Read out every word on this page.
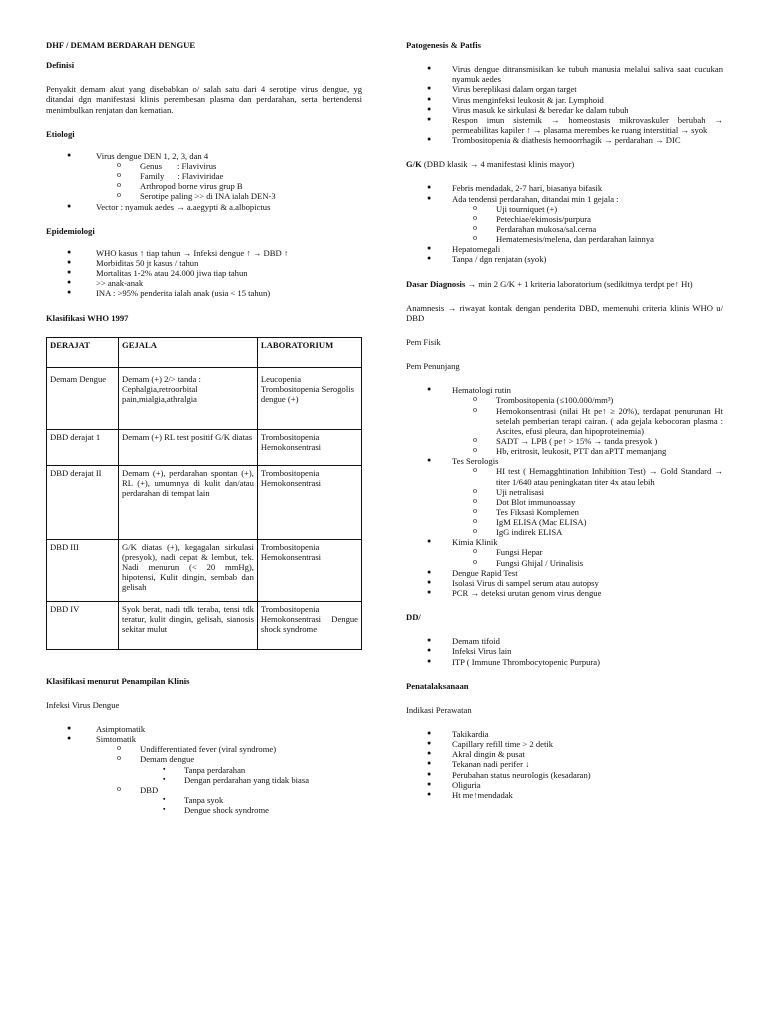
DHF / DEMAM BERDARAH DENGUE

Definisi

Penyakit demam akut yang disebabkan o/ salah satu dari 4 serotipe virus dengue, yg ditandai dgn manifestasi klinis perembesan plasma dan perdarahan, serta bertendensi menimbulkan renjatan dan kematian.

Etiologi

● Virus dengue DEN 1, 2, 3, dan 4
o Genus       : Flavivirus
o Family      : Flaviviridae
o Arthropod borne virus grup B
o Serotipe paling >> di INA ialah DEN-3
● Vector : nyamuk aedes → a.aegypti & a.albopictus

Epidemiologi

● WHO kasus ↑ tiap tahun → Infeksi dengue ↑ → DBD ↑
● Morbiditas 50 jt kasus / tahun
● Mortalitas 1-2% atau 24.000 jiwa tiap tahun
● >> anak-anak
● INA : >95% penderita ialah anak (usia < 15 tahun)

Klasifikasi WHO 1997

DERAJAT	GEJALA	LABORATORIUM
Demam Dengue	Demam (+) 2/> tanda : Cephalgia,retroorbital pain,mialgia,athralgia	Leucopenia Trombositopenia Serogolis dengue (+)
DBD derajat 1	Demam (+) RL test positif G/K diatas	Trombositopenia Hemokonsentrasi
DBD derajat II	Demam (+), perdarahan spontan (+), RL (+), umumnya di kulit dan/atau perdarahan di tempat lain	Trombositopenia Hemokonsentrasi
DBD III	G/K diatas (+), kegagalan sirkulasi (presyok), nadi cepat & lembut, tek. Nadi menurun (< 20 mmHg), hipotensi, Kulit dingin, sembab dan gelisah	Trombositopenia Hemokonsentrasi
DBD IV	Syok berat, nadi tdk teraba, tensi tdk teratur, kulit dingin, gelisah, sianosis sekitar mulut	Trombositopenia Hemokonsentrasi Dengue shock syndrome

Klasifikasi menurut Penampilan Klinis

Infeksi Virus Dengue

● Asimptomatik
● Simtomatik
o Undifferentiated fever (viral syndrome)
o Demam dengue
▪ Tanpa perdarahan
▪ Dengan perdarahan yang tidak biasa
o DBD
▪ Tanpa syok
▪ Dengue shock syndrome

Patogenesis & Patfis

● Virus dengue ditransmisikan ke tubuh manusia melalui saliva saat cucukan nyamuk aedes
● Virus bereplikasi dalam organ target
● Virus menginfeksi leukosit & jar. Lymphoid
● Virus masuk ke sirkulasi & beredar ke dalam tubuh
● Respon imun sistemik → homeostasis mikrovaskuler berubah → permeabilitas kapiler ↑ → plasama merembes ke ruang interstitial → syok
● Trombositopenia & diathesis hemoorrhagik → perdarahan → DIC

G/K (DBD klasik → 4 manifestasi klinis mayor)

● Febris mendadak, 2-7 hari, biasanya bifasik
● Ada tendensi perdarahan, ditandai min 1 gejala :
o Uji tourniquet (+)
o Petechiae/ekimosis/purpura
o Perdarahan mukosa/sal.cerna
o Hematemesis/melena, dan perdarahan lainnya
● Hepatomegali
● Tanpa / dgn renjatan (syok)

Dasar Diagnosis → min 2 G/K + 1 kriteria laboratorium (sedikitnya terdpt pe↑ Ht)

Anamnesis → riwayat kontak dengan penderita DBD, memenuhi criteria klinis WHO u/ DBD

Pem Fisik

Pem Penunjang

● Hematologi rutin
o Trombositopenia (≤100.000/mm³)
o Hemokonsentrasi (nilai Ht pe↑ ≥ 20%), terdapat penurunan Ht setelah pemberian terapi cairan. ( ada gejala kebocoran plasma : Ascites, efusi pleura, dan hipoproteinemia)
o SADT → LPB ( pe↑ > 15% → tanda presyok )
o Hb, eritrosit, leukosit, PTT dan aPTT memanjang
● Tes Serologis
o HI test ( Hemagghtination Inhibition Test) → Gold Standard → titer 1/640 atau peningkatan titer 4x atau lebih
o Uji netralisasi
o Dot Blot immunoassay
o Tes Fiksasi Komplemen
o IgM ELISA (Mac ELISA)
o IgG indirek ELISA
● Kimia Klinik
o Fungsi Hepar
o Fungsi Ghijal / Urinalisis
● Dengue Rapid Test
● Isolasi Virus di sampel serum atau autopsy
● PCR → deteksi urutan genom virus dengue

DD/

● Demam tifoid
● Infeksi Virus lain
● ITP ( Immune Thrombocytopenic Purpura)

Penatalaksanaan

Indikasi Perawatan

● Takikardia
● Capillary refill time > 2 detik
● Akral dingin & pusat
● Tekanan nadi perifer ↓
● Perubahan status neurologis (kesadaran)
● Oliguria
● Ht me↑mendadak
